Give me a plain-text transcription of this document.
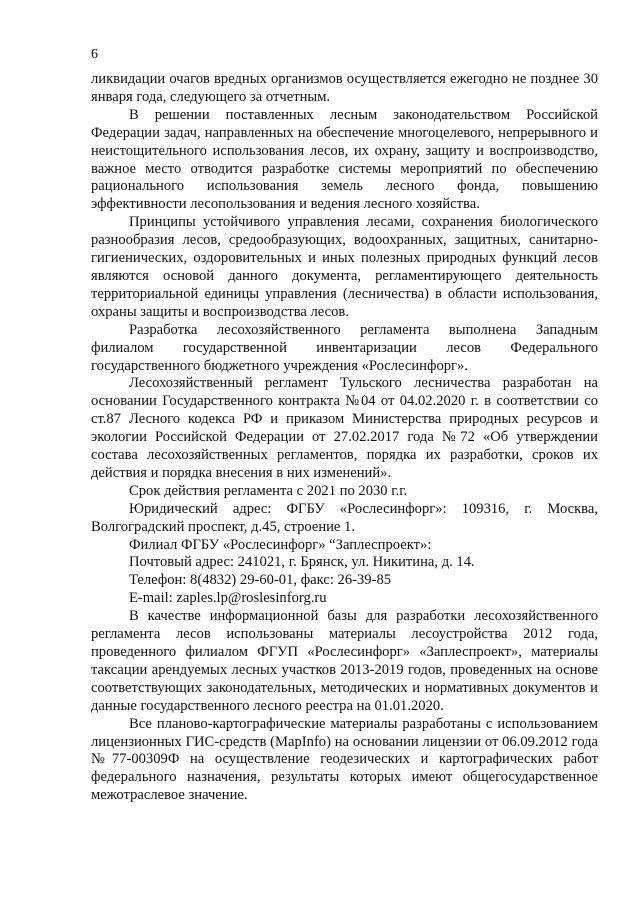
6

ликвидации очагов вредных организмов осуществляется ежегодно не позднее 30 января года, следующего за отчетным.

В решении поставленных лесным законодательством Российской Федерации задач, направленных на обеспечение многоцелевого, непрерывного и неистощительного использования лесов, их охрану, защиту и воспроизводство, важное место отводится разработке системы мероприятий по обеспечению рационального использования земель лесного фонда, повышению эффективности лесопользования и ведения лесного хозяйства.

Принципы устойчивого управления лесами, сохранения биологического разнообразия лесов, средообразующих, водоохранных, защитных, санитарно-гигиенических, оздоровительных и иных полезных природных функций лесов являются основой данного документа, регламентирующего деятельность территориальной единицы управления (лесничества) в области использования, охраны защиты и воспроизводства лесов.

Разработка лесохозяйственного регламента выполнена Западным филиалом государственной инвентаризации лесов Федерального государственного бюджетного учреждения «Рослесинфорг».

Лесохозяйственный регламент Тульского лесничества разработан на основании Государственного контракта №04 от 04.02.2020 г. в соответствии со ст.87 Лесного кодекса РФ и приказом Министерства природных ресурсов и экологии Российской Федерации от 27.02.2017 года №72 «Об утверждении состава лесохозяйственных регламентов, порядка их разработки, сроков их действия и порядка внесения в них изменений».

Срок действия регламента с 2021 по 2030 г.г.

Юридический адрес: ФГБУ «Рослесинфорг»: 109316, г. Москва, Волгоградский проспект, д.45, строение 1.

Филиал ФГБУ «Рослесинфорг» “Заплеспроект»:

Почтовый адрес: 241021, г. Брянск, ул. Никитина, д. 14.

Телефон: 8(4832) 29-60-01, факс: 26-39-85

E-mail: zaples.lp@roslesinforg.ru

В качестве информационной базы для разработки лесохозяйственного регламента лесов использованы материалы лесоустройства 2012 года, проведенного филиалом ФГУП «Рослесинфорг» «Заплеспроект», материалы таксации арендуемых лесных участков 2013-2019 годов, проведенных на основе соответствующих законодательных, методических и нормативных документов и данные государственного лесного реестра на 01.01.2020.

Все планово-картографические материалы разработаны с использованием лицензионных ГИС-средств (MapInfo) на основании лицензии от 06.09.2012 года №77-00309Ф на осуществление геодезических и картографических работ федерального назначения, результаты которых имеют общегосударственное межотраслевое значение.
